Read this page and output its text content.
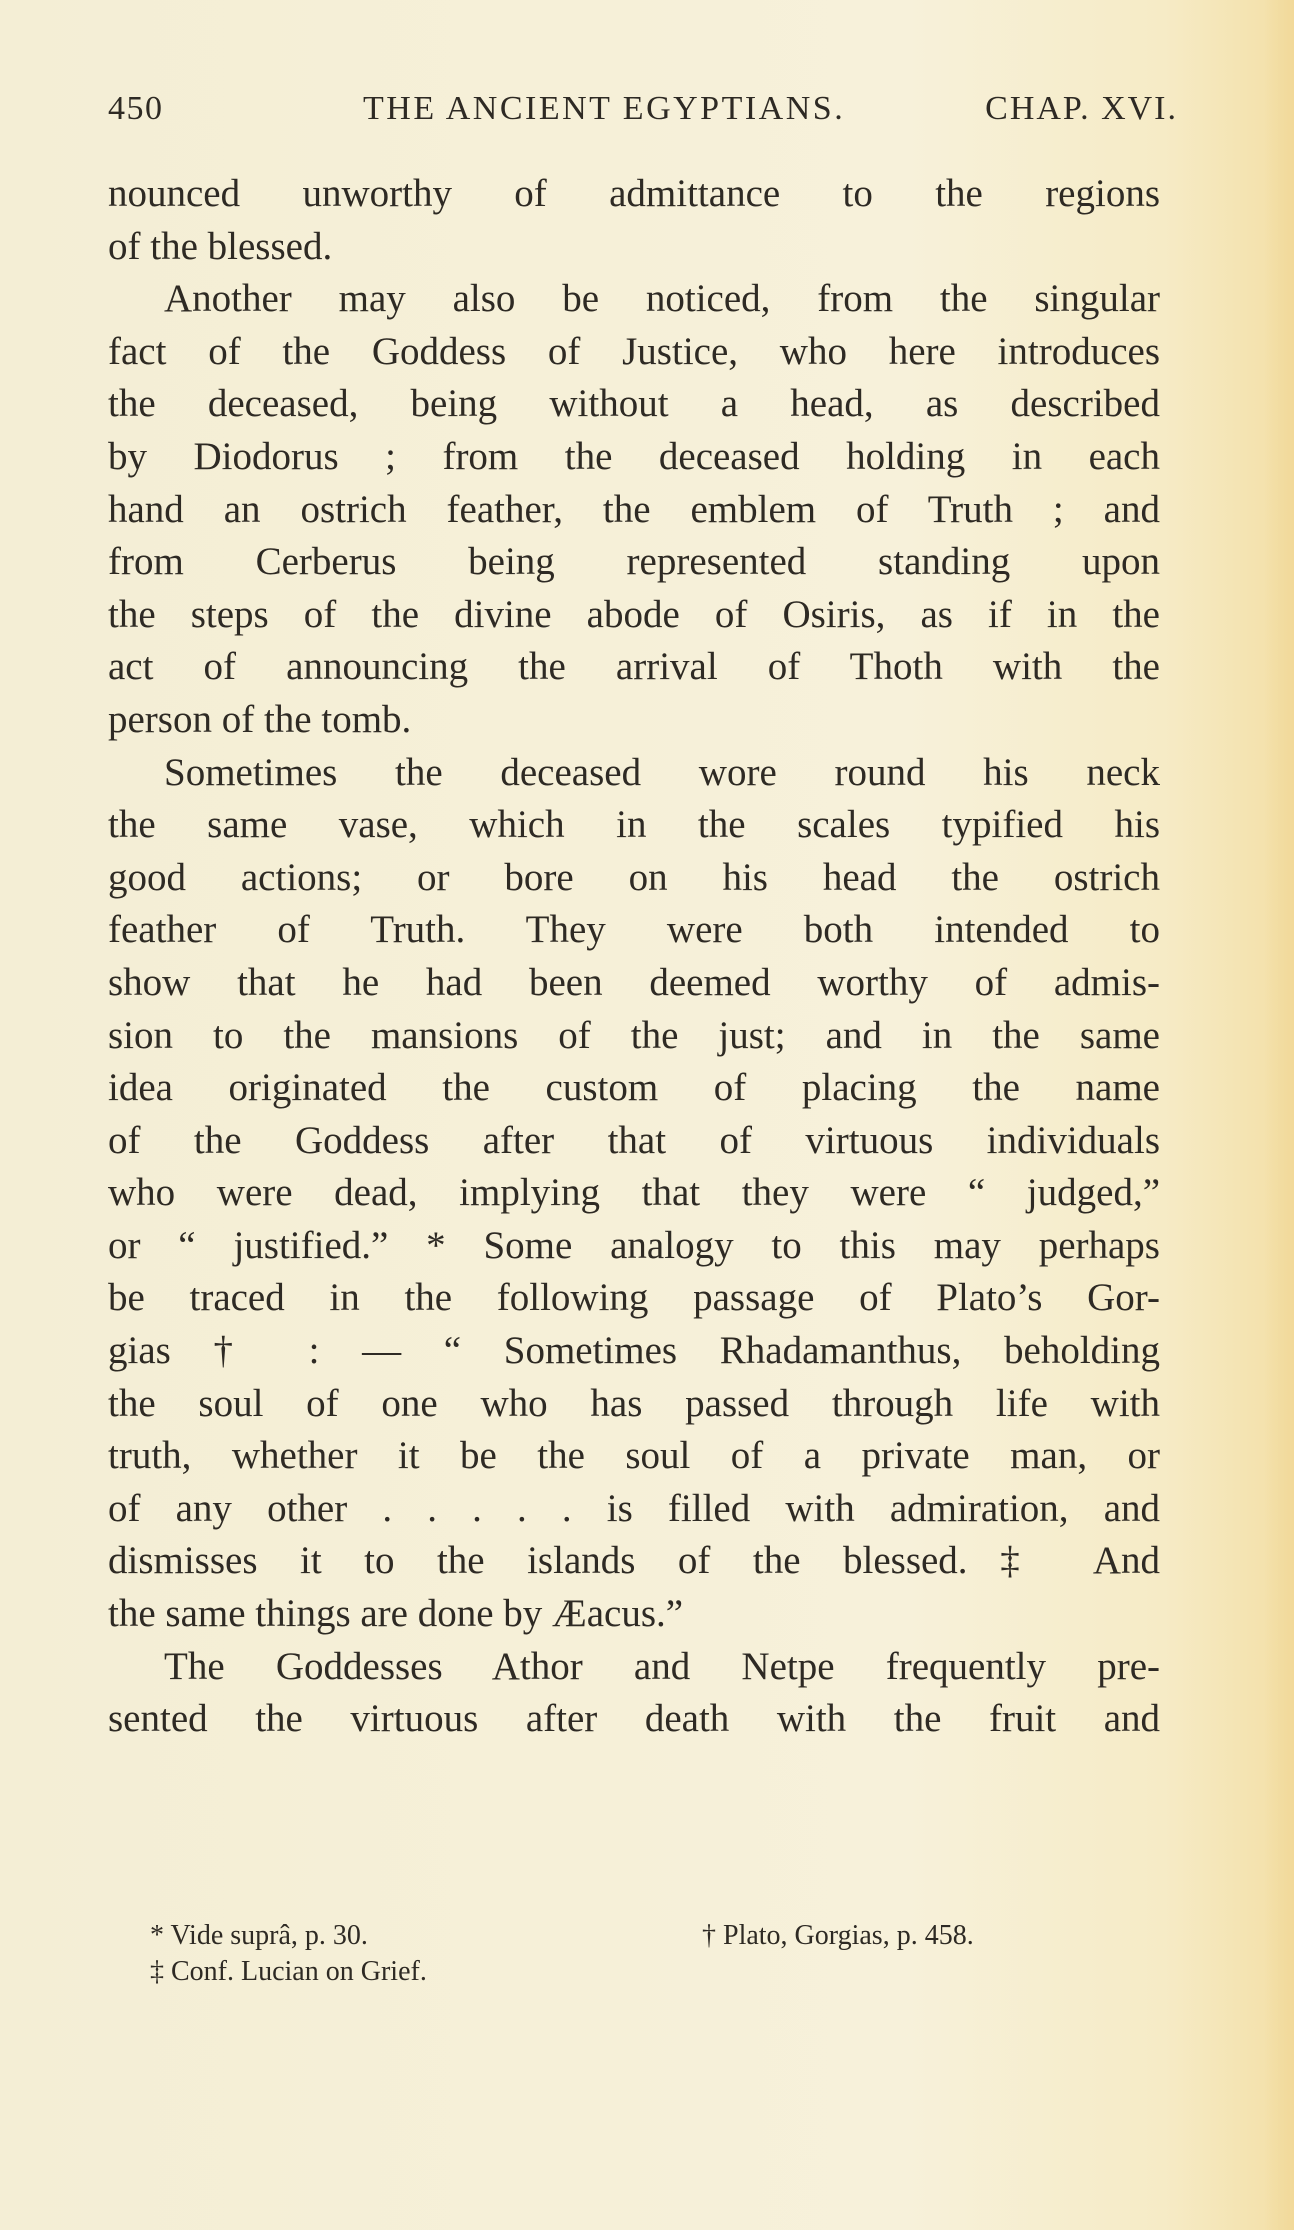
450	THE ANCIENT EGYPTIANS.	CHAP. XVI.
nounced unworthy of admittance to the regions
of the blessed.
Another may also be noticed, from the singular
fact of the Goddess of Justice, who here introduces
the deceased, being without a head, as described
by Diodorus ; from the deceased holding in each
hand an ostrich feather, the emblem of Truth ; and
from Cerberus being represented standing upon
the steps of the divine abode of Osiris, as if in the
act of announcing the arrival of Thoth with the
person of the tomb.
Sometimes the deceased wore round his neck
the same vase, which in the scales typified his
good actions; or bore on his head the ostrich
feather of Truth. They were both intended to
show that he had been deemed worthy of admis-
sion to the mansions of the just; and in the same
idea originated the custom of placing the name
of the Goddess after that of virtuous individuals
who were dead, implying that they were “ judged,”
or “ justified.” * Some analogy to this may perhaps
be traced in the following passage of Plato’s Gor-
gias † : — “ Sometimes Rhadamanthus, beholding
the soul of one who has passed through life with
truth, whether it be the soul of a private man, or
of any other . . . . . is filled with admiration, and
dismisses it to the islands of the blessed.‡ And
the same things are done by Æacus.”
The Goddesses Athor and Netpe frequently pre-
sented the virtuous after death with the fruit and
* Vide suprâ, p. 30.	† Plato, Gorgias, p. 458.
‡ Conf. Lucian on Grief.
